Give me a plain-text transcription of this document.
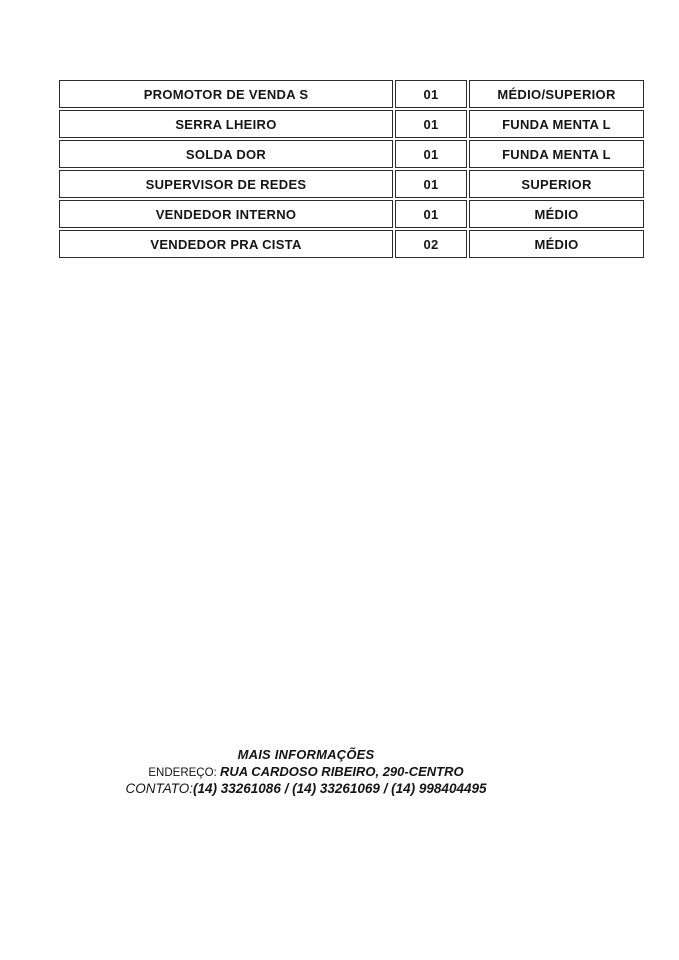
PROMOTOR DE VENDA S	01	MÉDIO/SUPERIOR
SERRA LHEIRO	01	FUNDA MENTA L
SOLDA DOR	01	FUNDA MENTA L
SUPERVISOR DE REDES	01	SUPERIOR
VENDEDOR INTERNO	01	MÉDIO
VENDEDOR PRA CISTA	02	MÉDIO
MAIS INFORMAÇÕES
ENDEREÇO: RUA CARDOSO RIBEIRO, 290-CENTRO
CONTATO:(14) 33261086 / (14) 33261069 / (14) 998404495
